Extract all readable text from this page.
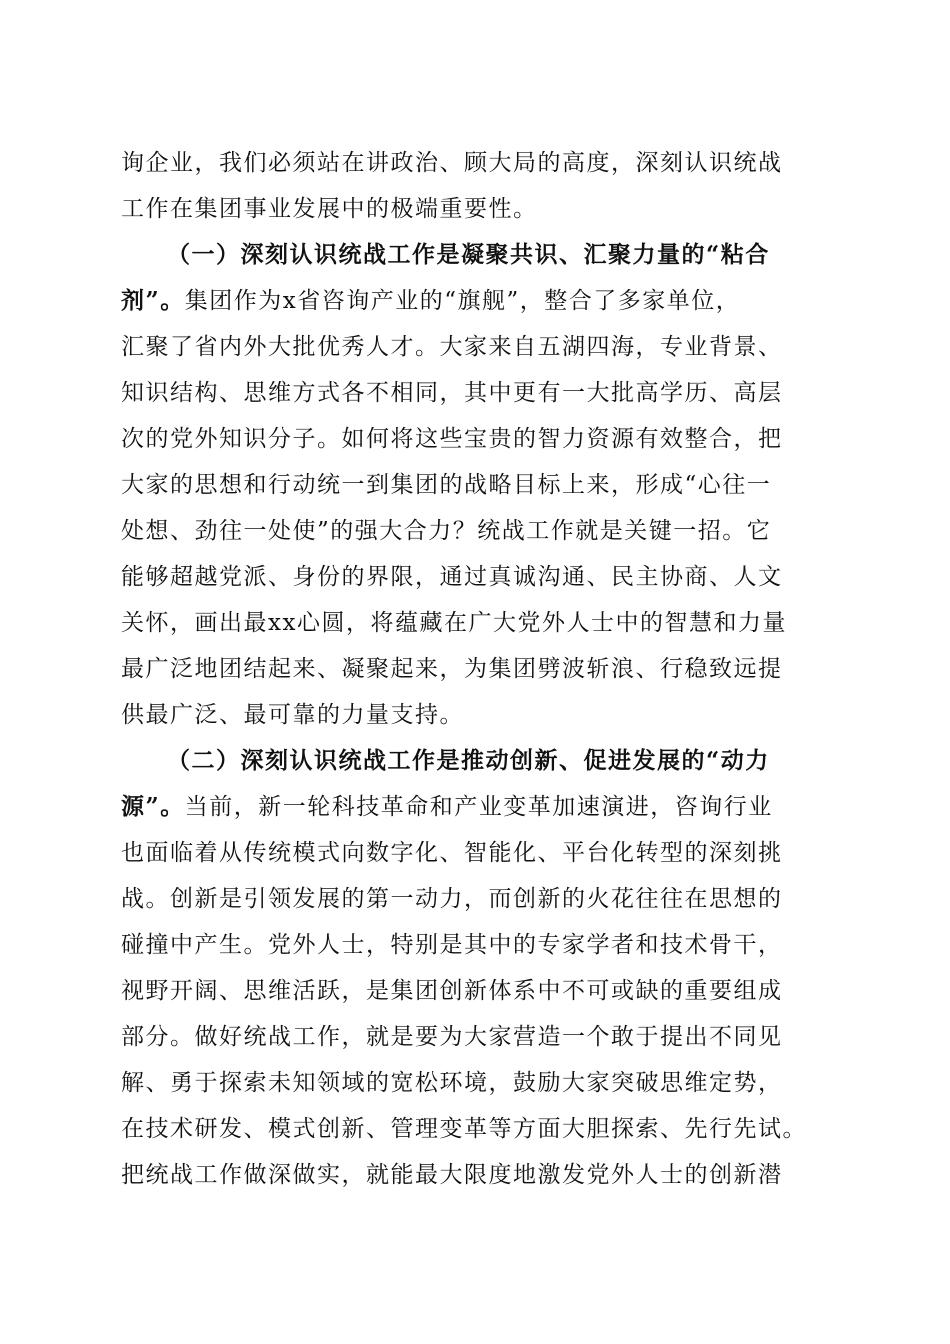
询企业，我们必须站在讲政治、顾大局的高度，深刻认识统战
工作在集团事业发展中的极端重要性。
（一）深刻认识统战工作是凝聚共识、汇聚力量的“粘合
剂”。集团作为x省咨询产业的“旗舰”，整合了多家单位，
汇聚了省内外大批优秀人才。大家来自五湖四海，专业背景、
知识结构、思维方式各不相同，其中更有一大批高学历、高层
次的党外知识分子。如何将这些宝贵的智力资源有效整合，把
大家的思想和行动统一到集团的战略目标上来，形成“心往一
处想、劲往一处使”的强大合力？统战工作就是关键一招。它
能够超越党派、身份的界限，通过真诚沟通、民主协商、人文
关怀，画出最xx心圆，将蕴藏在广大党外人士中的智慧和力量
最广泛地团结起来、凝聚起来，为集团劈波斩浪、行稳致远提
供最广泛、最可靠的力量支持。
（二）深刻认识统战工作是推动创新、促进发展的“动力
源”。当前，新一轮科技革命和产业变革加速演进，咨询行业
也面临着从传统模式向数字化、智能化、平台化转型的深刻挑
战。创新是引领发展的第一动力，而创新的火花往往在思想的
碰撞中产生。党外人士，特别是其中的专家学者和技术骨干，
视野开阔、思维活跃，是集团创新体系中不可或缺的重要组成
部分。做好统战工作，就是要为大家营造一个敢于提出不同见
解、勇于探索未知领域的宽松环境，鼓励大家突破思维定势，
在技术研发、模式创新、管理变革等方面大胆探索、先行先试。
把统战工作做深做实，就能最大限度地激发党外人士的创新潜
